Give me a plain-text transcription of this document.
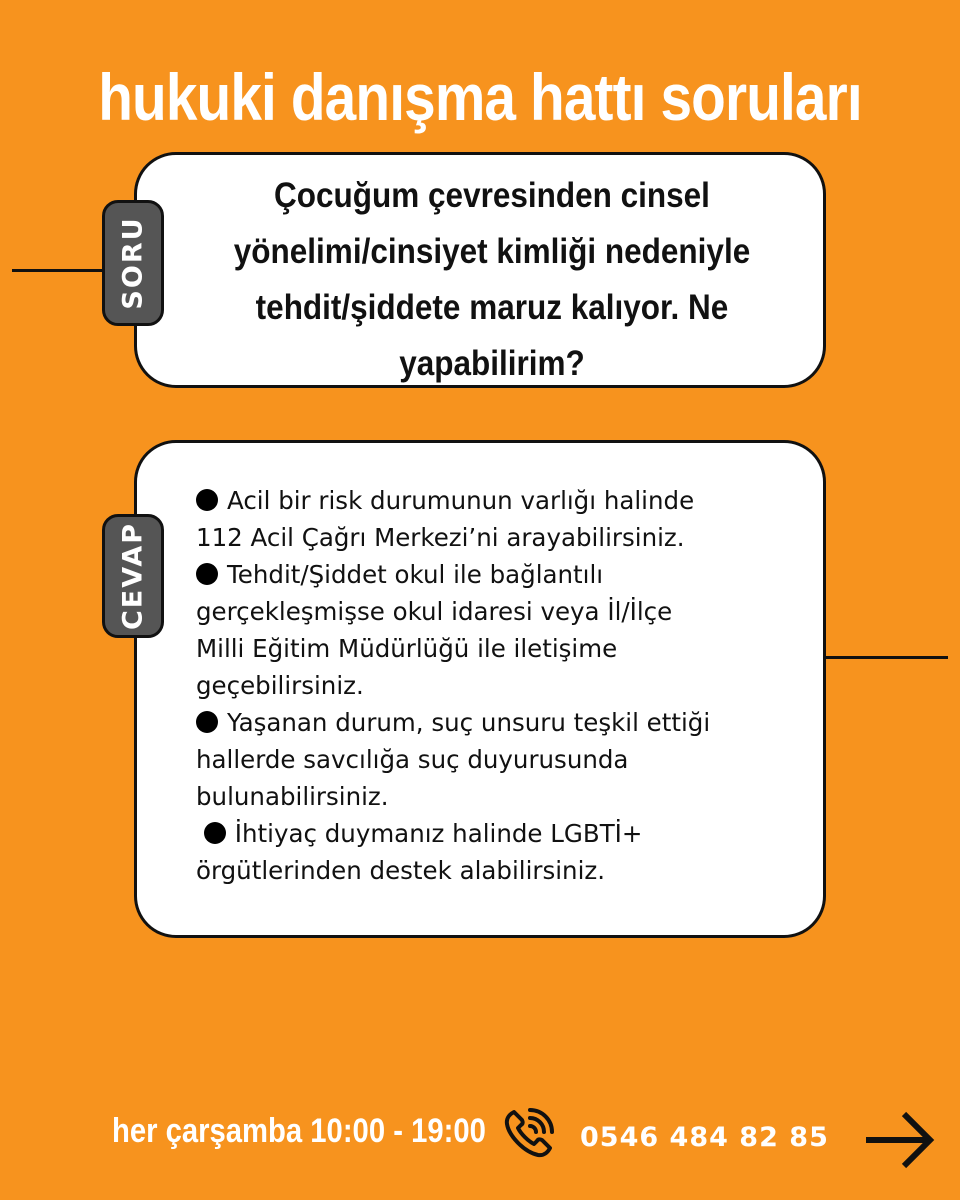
hukuki danışma hattı soruları
SORU
Çocuğum çevresinden cinsel
yönelimi/cinsiyet kimliği nedeniyle
tehdit/şiddete maruz kalıyor. Ne
yapabilirim?
CEVAP
Acil bir risk durumunun varlığı halinde
112 Acil Çağrı Merkezi’ni arayabilirsiniz.
Tehdit/Şiddet okul ile bağlantılı
gerçekleşmişse okul idaresi veya İl/İlçe
Milli Eğitim Müdürlüğü ile iletişime
geçebilirsiniz.
Yaşanan durum, suç unsuru teşkil ettiği
hallerde savcılığa suç duyurusunda
bulunabilirsiniz.
İhtiyaç duymanız halinde LGBTİ+
örgütlerinden destek alabilirsiniz.
her çarşamba 10:00 - 19:00	0546 484 82 85
